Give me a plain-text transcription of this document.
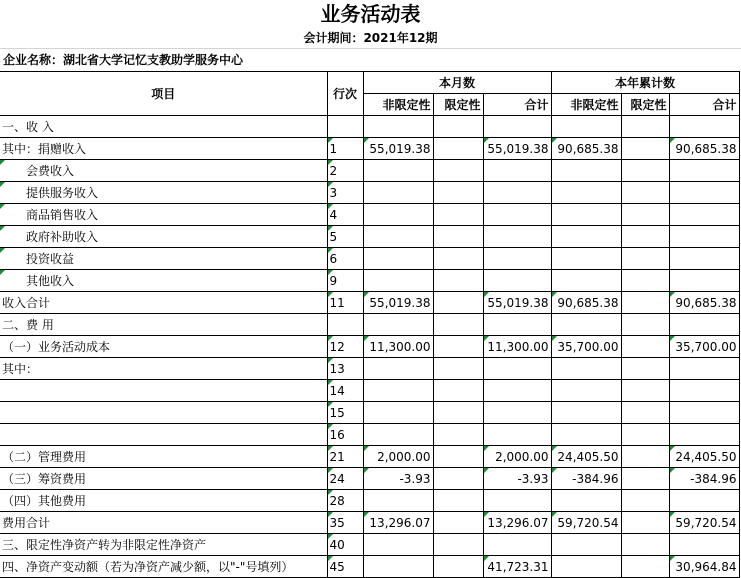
业务活动表
会计期间：2021年12期
企业名称：湖北省大学记忆支教助学服务中心
项目	行次	本月数			本年累计数		
		非限定性	限定性	合计	非限定性	限定性	合计
一、收 入							
其中：捐赠收入	1	55,019.38		55,019.38	90,685.38		90,685.38
会费收入	2						
提供服务收入	3						
商品销售收入	4						
政府补助收入	5						
投资收益	6						
其他收入	9						
收入合计	11	55,019.38		55,019.38	90,685.38		90,685.38
二、费 用							
（一）业务活动成本	12	11,300.00		11,300.00	35,700.00		35,700.00
其中：	13						
	14						
	15						
	16						
（二）管理费用	21	2,000.00		2,000.00	24,405.50		24,405.50
（三）筹资费用	24	-3.93		-3.93	-384.96		-384.96
（四）其他费用	28						
费用合计	35	13,296.07		13,296.07	59,720.54		59,720.54
三、限定性净资产转为非限定性净资产	40						
四、净资产变动额（若为净资产减少额，以"-"号填列）	45			41,723.31			30,964.84
